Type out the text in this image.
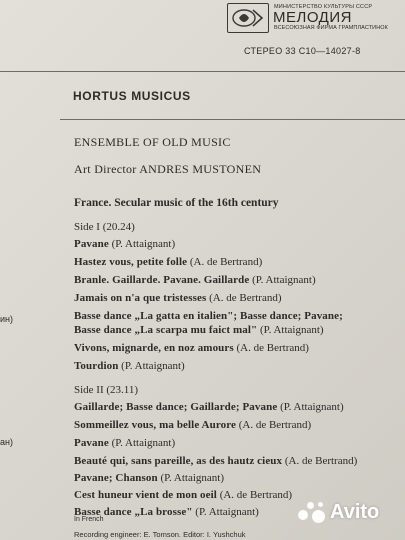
МИНИСТЕРСТВО КУЛЬТУРЫ СССР
МЕЛОДИЯ
ВСЕСОЮЗНАЯ ФИРМА ГРАМПЛАСТИНОК
СТЕРЕО 33 С10—14027-8
HORTUS MUSICUS
ENSEMBLE OF OLD MUSIC
Art Director ANDRES MUSTONEN
France. Secular music of the 16th century
Side I (20.24)
Pavane (P. Attaignant)
Hastez vous, petite folle (A. de Bertrand)
Branle. Gaillarde. Pavane. Gaillarde (P. Attaignant)
Jamais on n'a que tristesses (A. de Bertrand)
Basse dance „La gatta en italien"; Basse dance; Pavane;
Basse dance „La scarpa mu faict mal" (P. Attaignant)
Vivons, mignarde, en noz amours (A. de Bertrand)
Tourdion (P. Attaignant)
Side II (23.11)
Gaillarde; Basse dance; Gaillarde; Pavane (P. Attaignant)
Sommeillez vous, ma belle Aurore (A. de Bertrand)
Pavane (P. Attaignant)
Beauté qui, sans pareille, as des hautz cieux (A. de Bertrand)
Pavane; Chanson (P. Attaignant)
Cest huneur vient de mon oeil (A. de Bertrand)
Basse dance „La brosse" (P. Attaignant)
In French
Recording engineer: E. Tomson. Editor: I. Yushchuk
ин)
ан)
Avito
